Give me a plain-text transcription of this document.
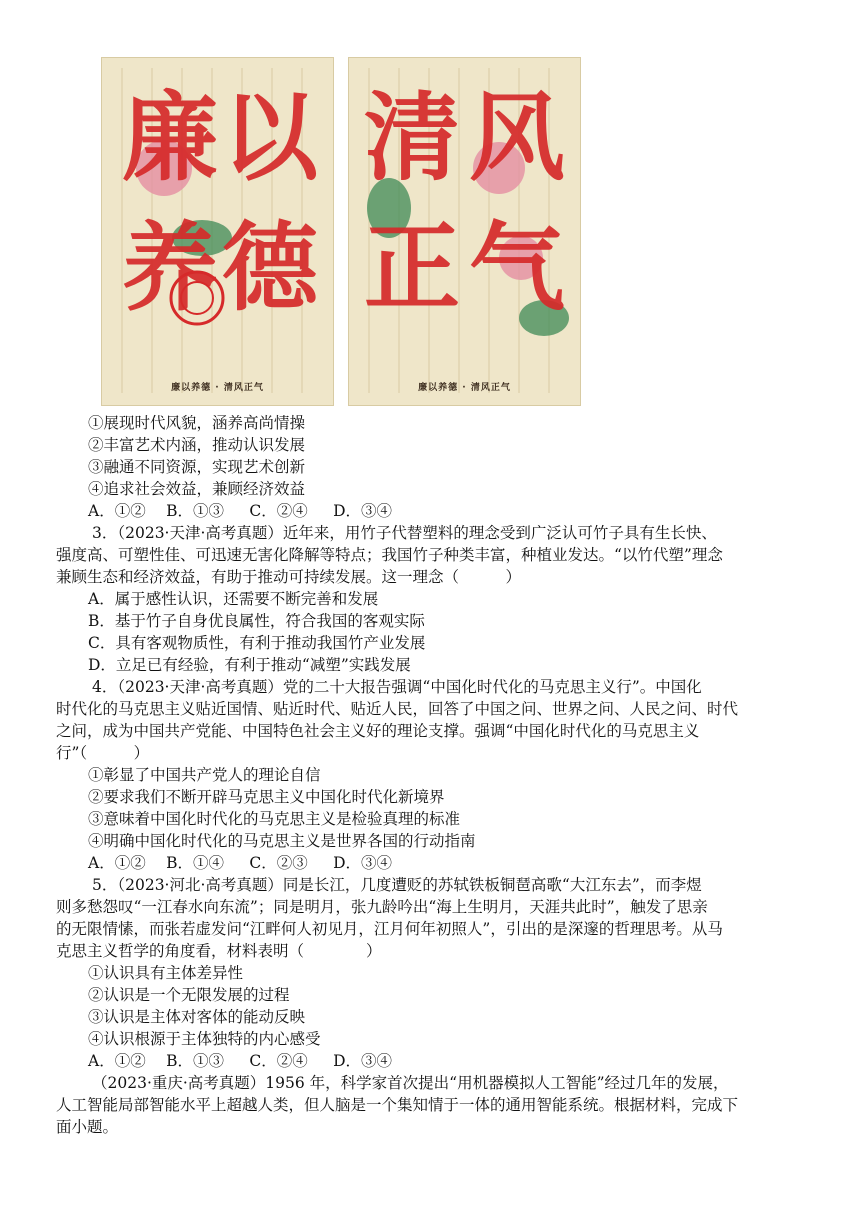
廉 以
养 德
廉以养德 · 清风正气
清 风
正 气
廉以养德 · 清风正气
①展现时代风貌，涵养高尚情操
②丰富艺术内涵，推动认识发展
③融通不同资源，实现艺术创新
④追求社会效益，兼顾经济效益
A．①②　 B．①③　  C．②④　  D．③④
3．（2023·天津·高考真题）近年来，用竹子代替塑料的理念受到广泛认可竹子具有生长快、
强度高、可塑性佳、可迅速无害化降解等特点；我国竹子种类丰富，种植业发达。“以竹代塑”理念
兼顾生态和经济效益，有助于推动可持续发展。这一理念（　　　）
A．属于感性认识，还需要不断完善和发展
B．基于竹子自身优良属性，符合我国的客观实际
C．具有客观物质性，有利于推动我国竹产业发展
D．立足已有经验，有利于推动“减塑”实践发展
4．（2023·天津·高考真题）党的二十大报告强调“中国化时代化的马克思主义行”。中国化
时代化的马克思主义贴近国情、贴近时代、贴近人民，回答了中国之问、世界之问、人民之问、时代
之问，成为中国共产党能、中国特色社会主义好的理论支撑。强调“中国化时代化的马克思主义
行”（　　　）
①彰显了中国共产党人的理论自信
②要求我们不断开辟马克思主义中国化时代化新境界
③意味着中国化时代化的马克思主义是检验真理的标准
④明确中国化时代化的马克思主义是世界各国的行动指南
A．①②　 B．①④　  C．②③　  D．③④
5．（2023·河北·高考真题）同是长江，几度遭贬的苏轼铁板铜琶高歌“大江东去”，而李煜
则多愁怨叹“一江春水向东流”；同是明月，张九龄吟出“海上生明月，天涯共此时”，触发了思亲
的无限情愫，而张若虚发问“江畔何人初见月，江月何年初照人”，引出的是深邃的哲理思考。从马
克思主义哲学的角度看，材料表明（　　　　）
①认识具有主体差异性
②认识是一个无限发展的过程
③认识是主体对客体的能动反映
④认识根源于主体独特的内心感受
A．①②　 B．①③　  C．②④　  D．③④
（2023·重庆·高考真题）1956 年，科学家首次提出“用机器模拟人工智能”经过几年的发展，
人工智能局部智能水平上超越人类，但人脑是一个集知情于一体的通用智能系统。根据材料，完成下
面小题。
